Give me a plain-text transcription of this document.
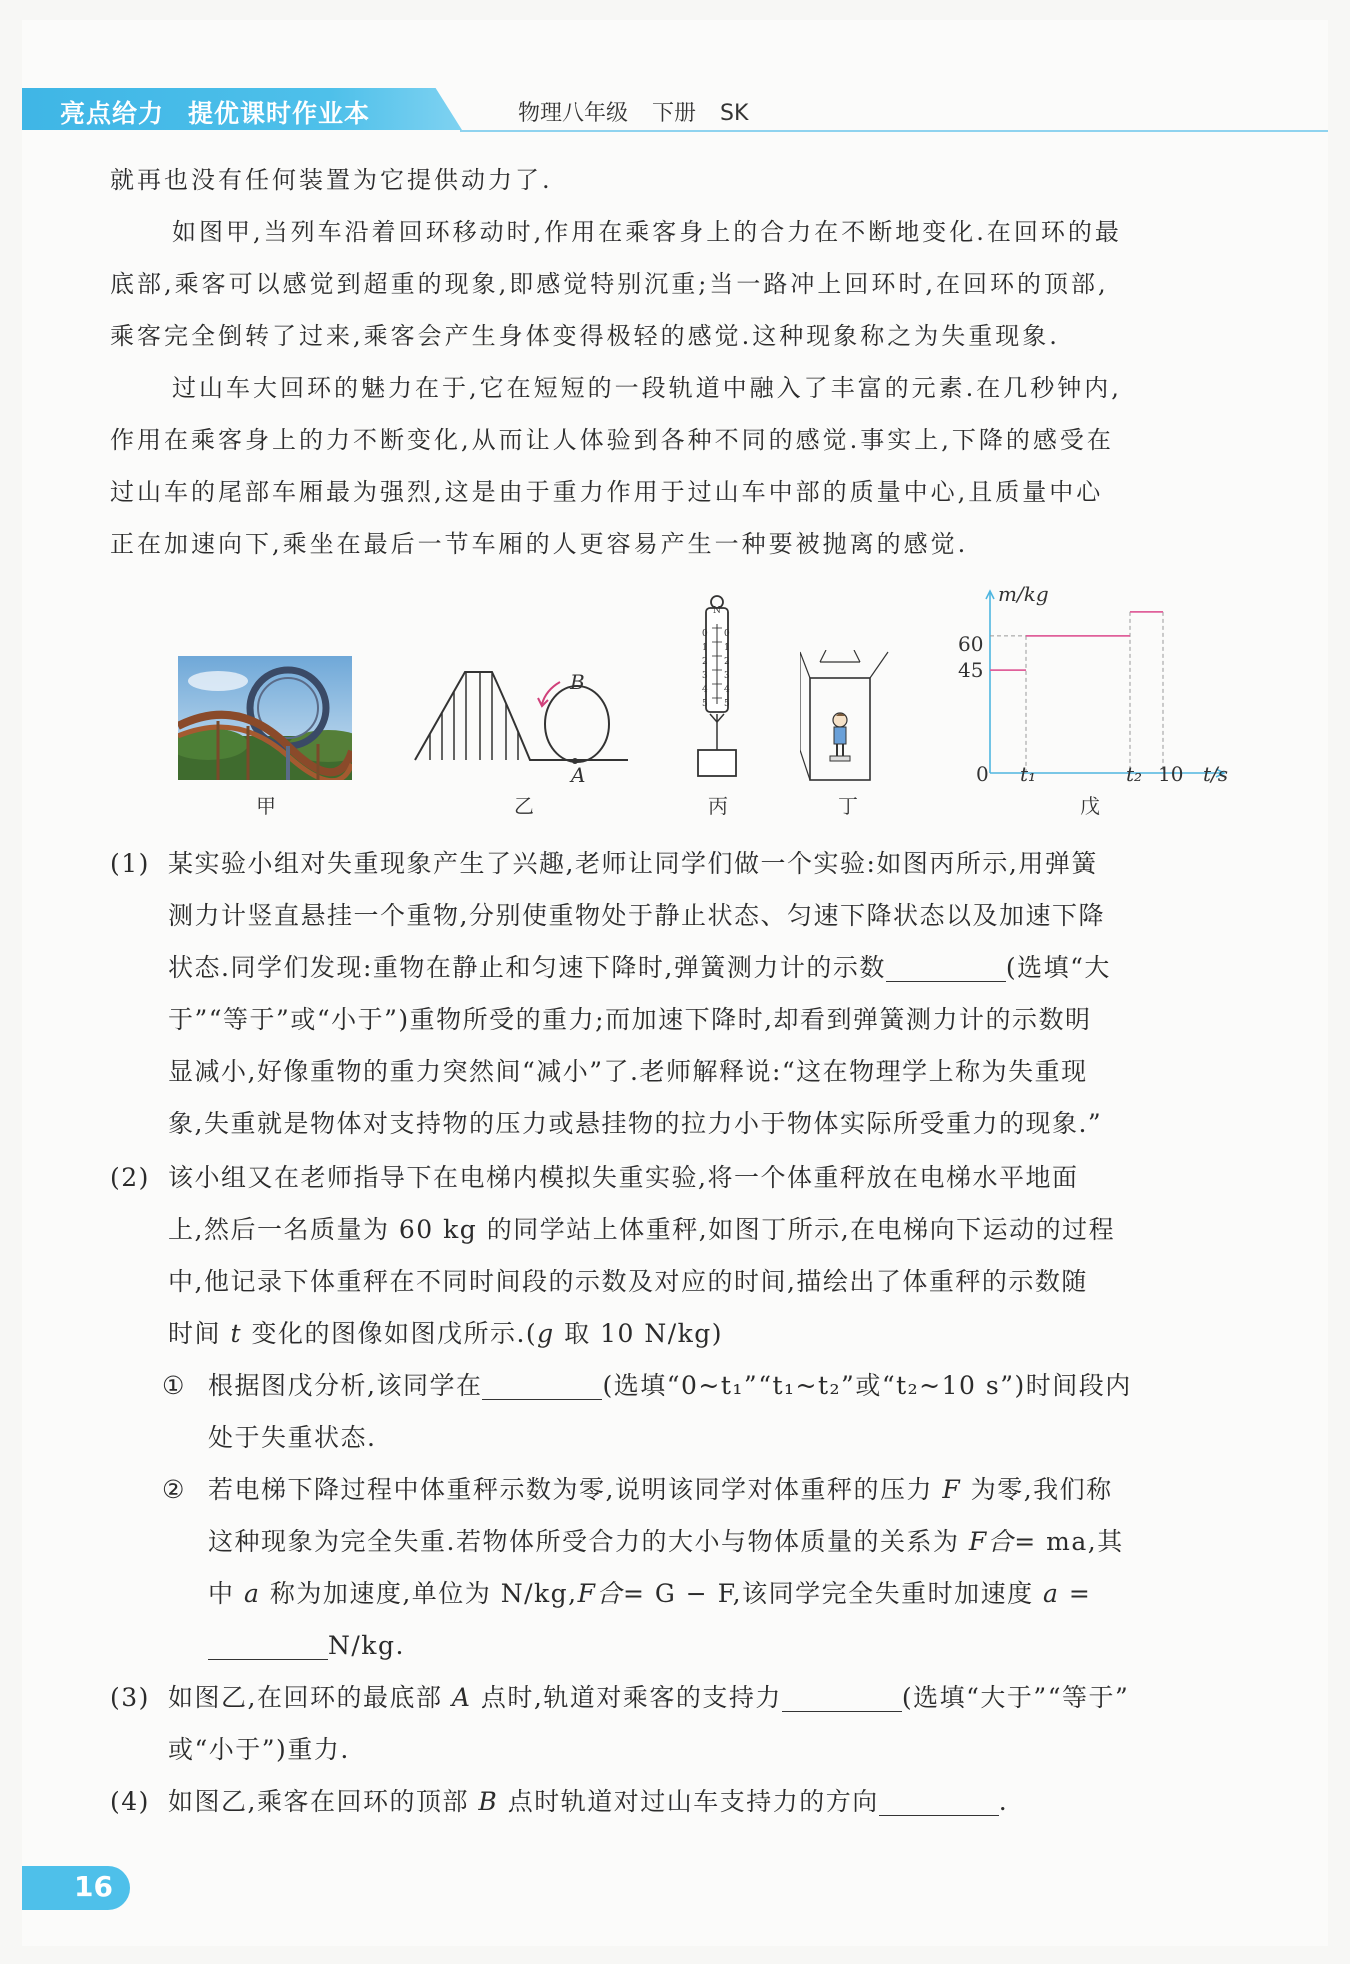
亮点给力 提优课时作业本	物理八年级 下册 SK
就再也没有任何装置为它提供动力了.
如图甲,当列车沿着回环移动时,作用在乘客身上的合力在不断地变化.在回环的最
底部,乘客可以感觉到超重的现象,即感觉特别沉重;当一路冲上回环时,在回环的顶部,
乘客完全倒转了过来,乘客会产生身体变得极轻的感觉.这种现象称之为失重现象.
过山车大回环的魅力在于,它在短短的一段轨道中融入了丰富的元素.在几秒钟内,
作用在乘客身上的力不断变化,从而让人体验到各种不同的感觉.事实上,下降的感受在
过山车的尾部车厢最为强烈,这是由于重力作用于过山车中部的质量中心,且质量中心
正在加速向下,乘坐在最后一节车厢的人更容易产生一种要被抛离的感觉.
甲
B
A
乙
N
0
1
2
3
4
5
0
1
2
3
4
5
丙	丁
m/kg
t/s
60
45
0 t₁	t₂ 10
戊
(1) 某实验小组对失重现象产生了兴趣,老师让同学们做一个实验:如图丙所示,用弹簧
测力计竖直悬挂一个重物,分别使重物处于静止状态、匀速下降状态以及加速下降
状态.同学们发现:重物在静止和匀速下降时,弹簧测力计的示数	(选填“大
于”“等于”或“小于”)重物所受的重力;而加速下降时,却看到弹簧测力计的示数明
显减小,好像重物的重力突然间“减小”了.老师解释说:“这在物理学上称为失重现
象,失重就是物体对支持物的压力或悬挂物的拉力小于物体实际所受重力的现象.”
(2) 该小组又在老师指导下在电梯内模拟失重实验,将一个体重秤放在电梯水平地面
上,然后一名质量为 60 kg 的同学站上体重秤,如图丁所示,在电梯向下运动的过程
中,他记录下体重秤在不同时间段的示数及对应的时间,描绘出了体重秤的示数随
时间 t 变化的图像如图戊所示.(g 取 10 N/kg)
① 根据图戊分析,该同学在	(选填“0~t₁”“t₁~t₂”或“t₂~10 s”)时间段内
处于失重状态.
② 若电梯下降过程中体重秤示数为零,说明该同学对体重秤的压力 F 为零,我们称
这种现象为完全失重.若物体所受合力的大小与物体质量的关系为 F合= ma,其
中 a 称为加速度,单位为 N/kg,F合= G − F,该同学完全失重时加速度 a =
N/kg.
(3) 如图乙,在回环的最底部 A 点时,轨道对乘客的支持力	(选填“大于”“等于”
或“小于”)重力.
(4) 如图乙,乘客在回环的顶部 B 点时轨道对过山车支持力的方向	.
16
